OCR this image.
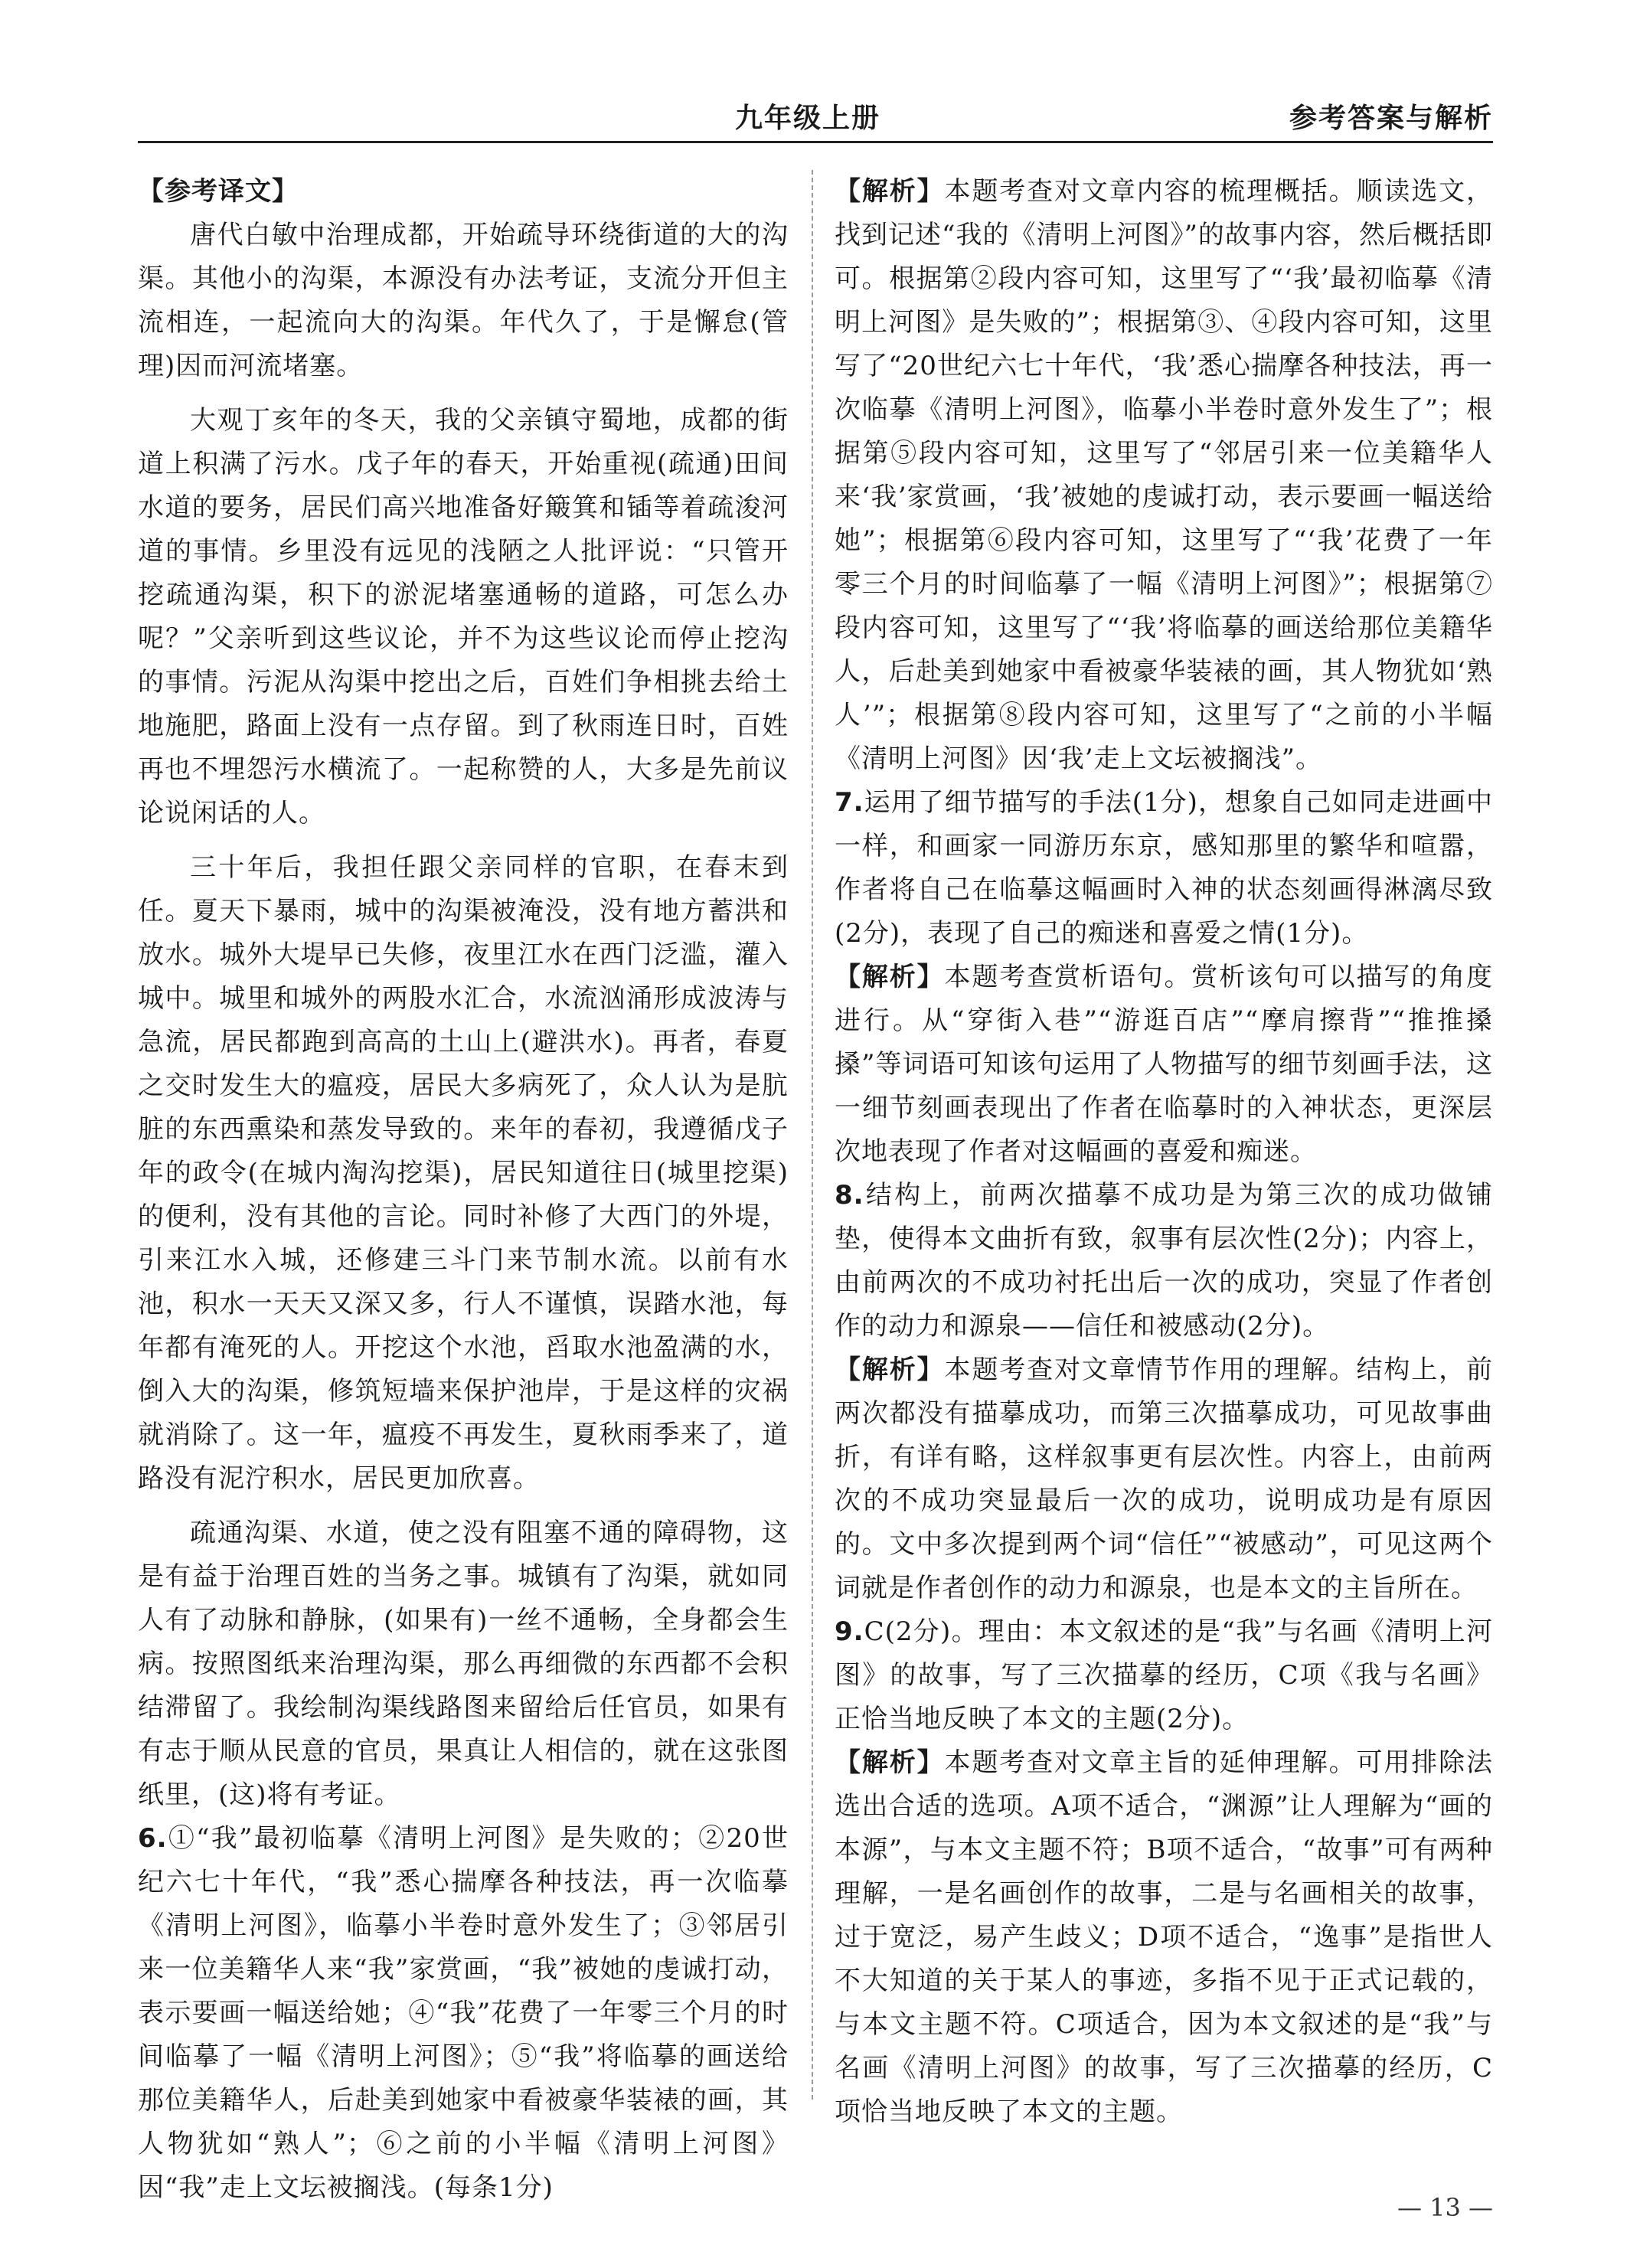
九年级上册	参考答案与解析

【参考译文】

唐代白敏中治理成都，开始疏导环绕街道的大的沟渠。其他小的沟渠，本源没有办法考证，支流分开但主流相连，一起流向大的沟渠。年代久了，于是懈怠(管理)因而河流堵塞。

大观丁亥年的冬天，我的父亲镇守蜀地，成都的街道上积满了污水。戊子年的春天，开始重视(疏通)田间水道的要务，居民们高兴地准备好簸箕和锸等着疏浚河道的事情。乡里没有远见的浅陋之人批评说：“只管开挖疏通沟渠，积下的淤泥堵塞通畅的道路，可怎么办呢？”父亲听到这些议论，并不为这些议论而停止挖沟的事情。污泥从沟渠中挖出之后，百姓们争相挑去给土地施肥，路面上没有一点存留。到了秋雨连日时，百姓再也不埋怨污水横流了。一起称赞的人，大多是先前议论说闲话的人。

三十年后，我担任跟父亲同样的官职，在春末到任。夏天下暴雨，城中的沟渠被淹没，没有地方蓄洪和放水。城外大堤早已失修，夜里江水在西门泛滥，灌入城中。城里和城外的两股水汇合，水流汹涌形成波涛与急流，居民都跑到高高的土山上(避洪水)。再者，春夏之交时发生大的瘟疫，居民大多病死了，众人认为是肮脏的东西熏染和蒸发导致的。来年的春初，我遵循戊子年的政令(在城内淘沟挖渠)，居民知道往日(城里挖渠)的便利，没有其他的言论。同时补修了大西门的外堤，引来江水入城，还修建三斗门来节制水流。以前有水池，积水一天天又深又多，行人不谨慎，误踏水池，每年都有淹死的人。开挖这个水池，舀取水池盈满的水，倒入大的沟渠，修筑短墙来保护池岸，于是这样的灾祸就消除了。这一年，瘟疫不再发生，夏秋雨季来了，道路没有泥泞积水，居民更加欣喜。

疏通沟渠、水道，使之没有阻塞不通的障碍物，这是有益于治理百姓的当务之事。城镇有了沟渠，就如同人有了动脉和静脉，(如果有)一丝不通畅，全身都会生病。按照图纸来治理沟渠，那么再细微的东西都不会积结滞留了。我绘制沟渠线路图来留给后任官员，如果有有志于顺从民意的官员，果真让人相信的，就在这张图纸里，(这)将有考证。

6.①“我”最初临摹《清明上河图》是失败的；②20世纪六七十年代，“我”悉心揣摩各种技法，再一次临摹《清明上河图》，临摹小半卷时意外发生了；③邻居引来一位美籍华人来“我”家赏画，“我”被她的虔诚打动，表示要画一幅送给她；④“我”花费了一年零三个月的时间临摹了一幅《清明上河图》；⑤“我”将临摹的画送给那位美籍华人，后赴美到她家中看被豪华装裱的画，其人物犹如“熟人”；⑥之前的小半幅《清明上河图》因“我”走上文坛被搁浅。(每条1分)

【解析】本题考查对文章内容的梳理概括。顺读选文，找到记述“我的《清明上河图》”的故事内容，然后概括即可。根据第②段内容可知，这里写了“‘我’最初临摹《清明上河图》是失败的”；根据第③、④段内容可知，这里写了“20世纪六七十年代，‘我’悉心揣摩各种技法，再一次临摹《清明上河图》，临摹小半卷时意外发生了”；根据第⑤段内容可知，这里写了“邻居引来一位美籍华人来‘我’家赏画，‘我’被她的虔诚打动，表示要画一幅送给她”；根据第⑥段内容可知，这里写了“‘我’花费了一年零三个月的时间临摹了一幅《清明上河图》”；根据第⑦段内容可知，这里写了“‘我’将临摹的画送给那位美籍华人，后赴美到她家中看被豪华装裱的画，其人物犹如‘熟人’”；根据第⑧段内容可知，这里写了“之前的小半幅《清明上河图》因‘我’走上文坛被搁浅”。

7.运用了细节描写的手法(1分)，想象自己如同走进画中一样，和画家一同游历东京，感知那里的繁华和喧嚣，作者将自己在临摹这幅画时入神的状态刻画得淋漓尽致(2分)，表现了自己的痴迷和喜爱之情(1分)。

【解析】本题考查赏析语句。赏析该句可以描写的角度进行。从“穿街入巷”“游逛百店”“摩肩擦背”“推推搡搡”等词语可知该句运用了人物描写的细节刻画手法，这一细节刻画表现出了作者在临摹时的入神状态，更深层次地表现了作者对这幅画的喜爱和痴迷。

8.结构上，前两次描摹不成功是为第三次的成功做铺垫，使得本文曲折有致，叙事有层次性(2分)；内容上，由前两次的不成功衬托出后一次的成功，突显了作者创作的动力和源泉——信任和被感动(2分)。

【解析】本题考查对文章情节作用的理解。结构上，前两次都没有描摹成功，而第三次描摹成功，可见故事曲折，有详有略，这样叙事更有层次性。内容上，由前两次的不成功突显最后一次的成功，说明成功是有原因的。文中多次提到两个词“信任”“被感动”，可见这两个词就是作者创作的动力和源泉，也是本文的主旨所在。

9.C(2分)。理由：本文叙述的是“我”与名画《清明上河图》的故事，写了三次描摹的经历，C项《我与名画》正恰当地反映了本文的主题(2分)。

【解析】本题考查对文章主旨的延伸理解。可用排除法选出合适的选项。A项不适合，“渊源”让人理解为“画的本源”，与本文主题不符；B项不适合，“故事”可有两种理解，一是名画创作的故事，二是与名画相关的故事，过于宽泛，易产生歧义；D项不适合，“逸事”是指世人不大知道的关于某人的事迹，多指不见于正式记载的，与本文主题不符。C项适合，因为本文叙述的是“我”与名画《清明上河图》的故事，写了三次描摹的经历，C项恰当地反映了本文的主题。

— 13 —
